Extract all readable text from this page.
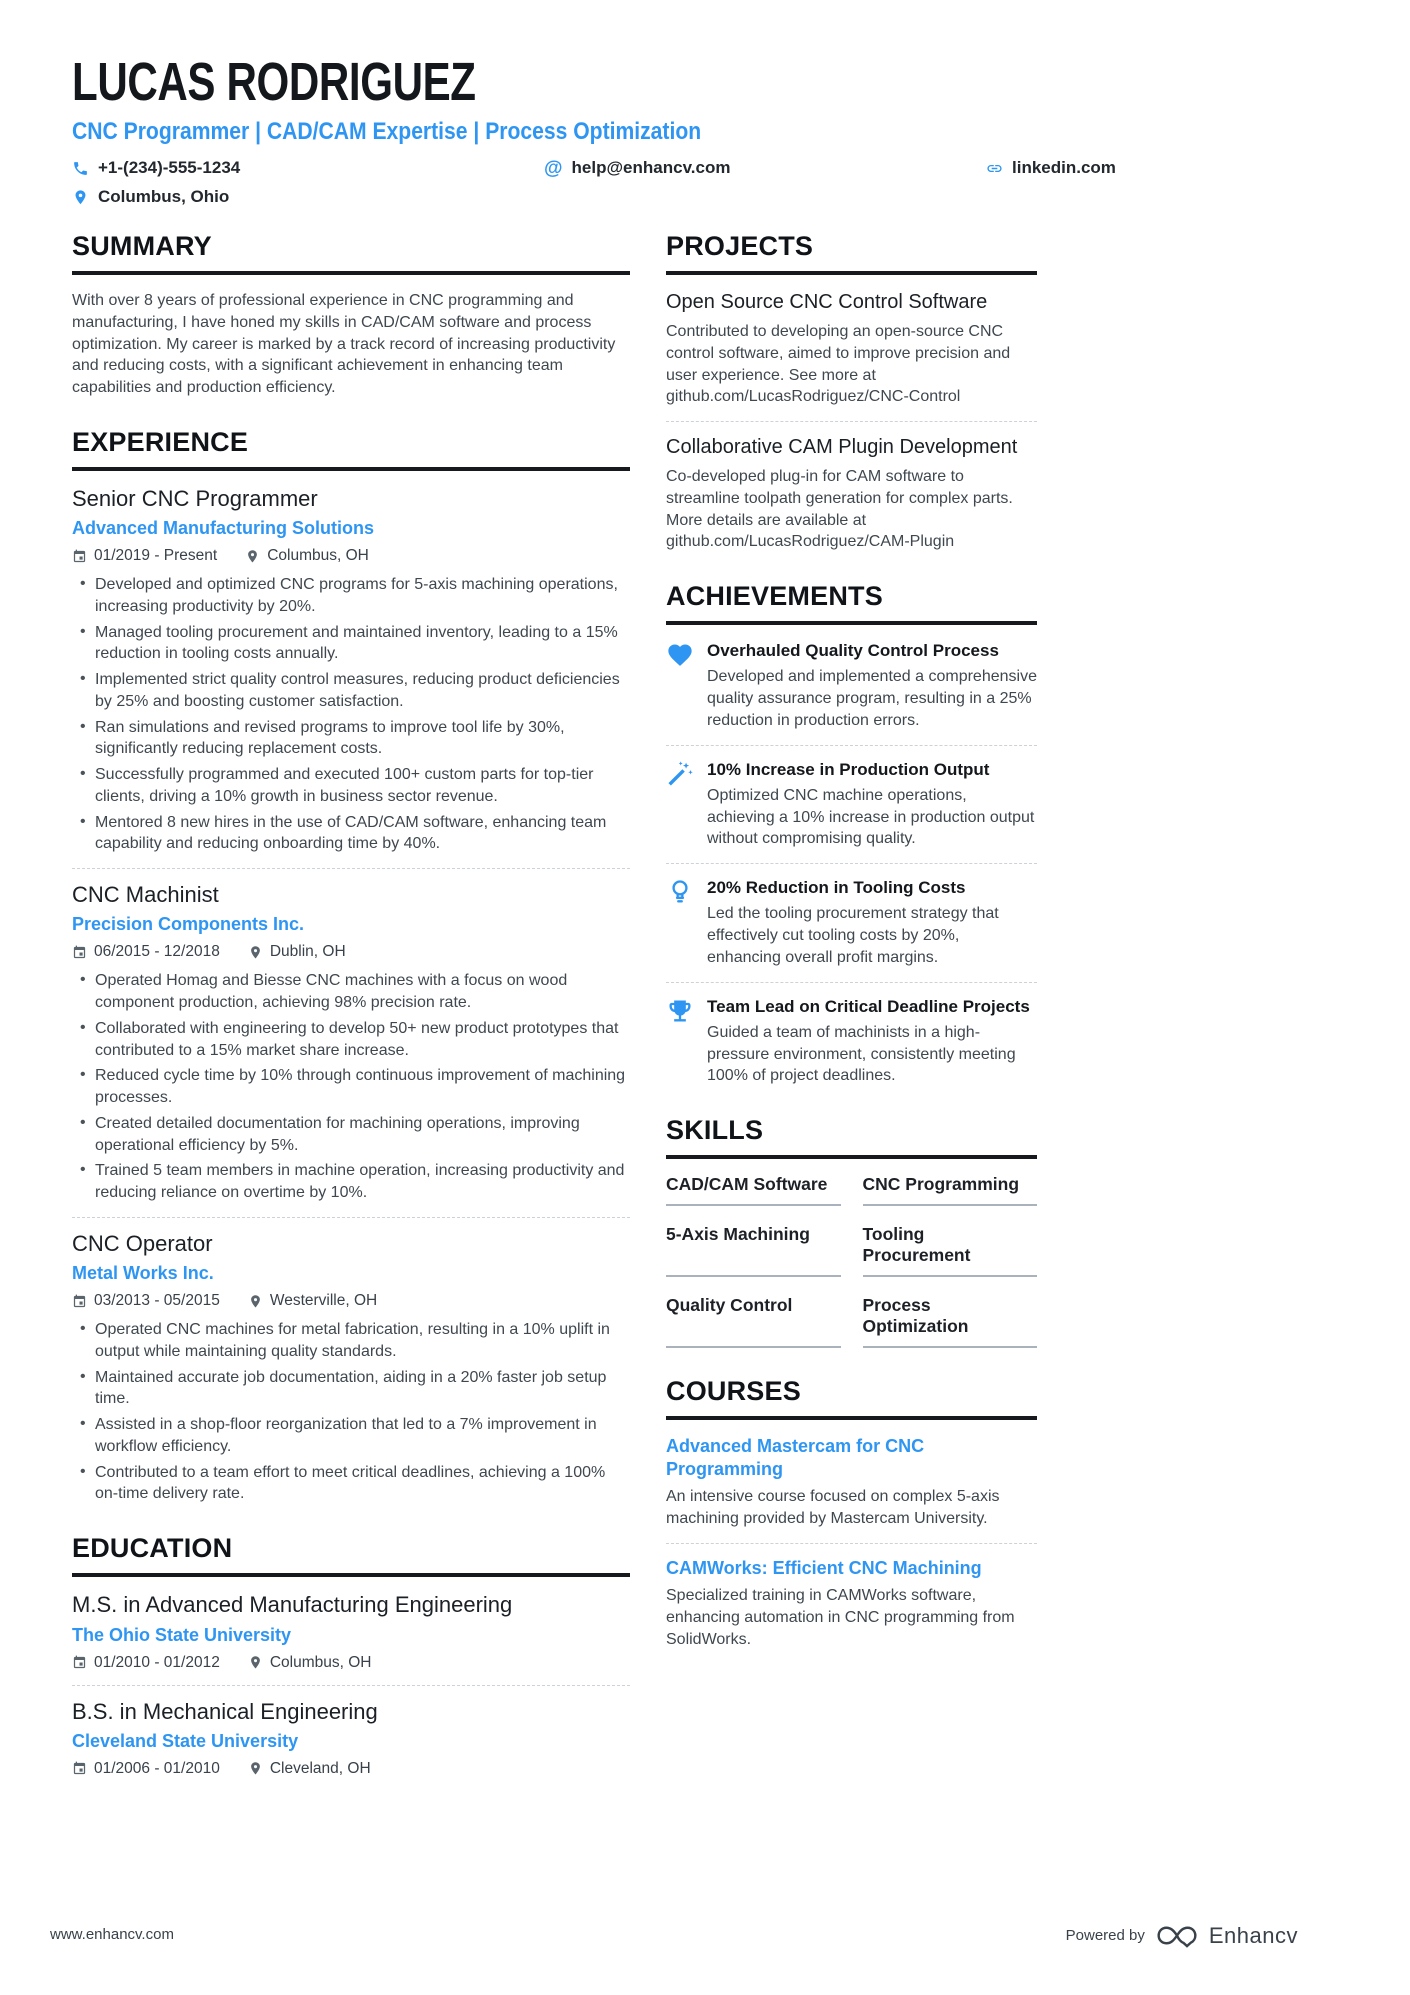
LUCAS RODRIGUEZ
CNC Programmer | CAD/CAM Expertise | Process Optimization
+1-(234)-555-1234	@ help@enhancv.com	linkedin.com
Columbus, Ohio
SUMMARY

With over 8 years of professional experience in CNC programming and manufacturing, I have honed my skills in CAD/CAM software and process optimization. My career is marked by a track record of increasing productivity and reducing costs, with a significant achievement in enhancing team capabilities and production efficiency.

EXPERIENCE
Senior CNC Programmer
Advanced Manufacturing Solutions
01/2019 - Present	Columbus, OH
• Developed and optimized CNC programs for 5-axis machining operations, increasing productivity by 20%.
• Managed tooling procurement and maintained inventory, leading to a 15% reduction in tooling costs annually.
• Implemented strict quality control measures, reducing product deficiencies by 25% and boosting customer satisfaction.
• Ran simulations and revised programs to improve tool life by 30%, significantly reducing replacement costs.
• Successfully programmed and executed 100+ custom parts for top-tier clients, driving a 10% growth in business sector revenue.
• Mentored 8 new hires in the use of CAD/CAM software, enhancing team capability and reducing onboarding time by 40%.
CNC Machinist
Precision Components Inc.
06/2015 - 12/2018	Dublin, OH
• Operated Homag and Biesse CNC machines with a focus on wood component production, achieving 98% precision rate.
• Collaborated with engineering to develop 50+ new product prototypes that contributed to a 15% market share increase.
• Reduced cycle time by 10% through continuous improvement of machining processes.
• Created detailed documentation for machining operations, improving operational efficiency by 5%.
• Trained 5 team members in machine operation, increasing productivity and reducing reliance on overtime by 10%.
CNC Operator
Metal Works Inc.
03/2013 - 05/2015	Westerville, OH
• Operated CNC machines for metal fabrication, resulting in a 10% uplift in output while maintaining quality standards.
• Maintained accurate job documentation, aiding in a 20% faster job setup time.
• Assisted in a shop-floor reorganization that led to a 7% improvement in workflow efficiency.
• Contributed to a team effort to meet critical deadlines, achieving a 100% on-time delivery rate.
EDUCATION
M.S. in Advanced Manufacturing Engineering
The Ohio State University
01/2010 - 01/2012	Columbus, OH
B.S. in Mechanical Engineering
Cleveland State University
01/2006 - 01/2010	Cleveland, OH
PROJECTS
Open Source CNC Control Software

Contributed to developing an open-source CNC control software, aimed to improve precision and user experience. See more at github.com/LucasRodriguez/CNC-Control

Collaborative CAM Plugin Development

Co-developed plug-in for CAM software to streamline toolpath generation for complex parts. More details are available at github.com/LucasRodriguez/CAM-Plugin

ACHIEVEMENTS
Overhauled Quality Control Process
Developed and implemented a comprehensive quality assurance program, resulting in a 25% reduction in production errors.
10% Increase in Production Output
Optimized CNC machine operations, achieving a 10% increase in production output without compromising quality.
20% Reduction in Tooling Costs
Led the tooling procurement strategy that effectively cut tooling costs by 20%, enhancing overall profit margins.
Team Lead on Critical Deadline Projects
Guided a team of machinists in a high-pressure environment, consistently meeting 100% of project deadlines.
SKILLS
CAD/CAM Software	CNC Programming
5-Axis Machining	Tooling Procurement
Quality Control	Process Optimization
COURSES
Advanced Mastercam for CNC Programming

An intensive course focused on complex 5-axis machining provided by Mastercam University.

CAMWorks: Efficient CNC Machining

Specialized training in CAMWorks software, enhancing automation in CNC programming from SolidWorks.

www.enhancv.com	Powered by	Enhancv
